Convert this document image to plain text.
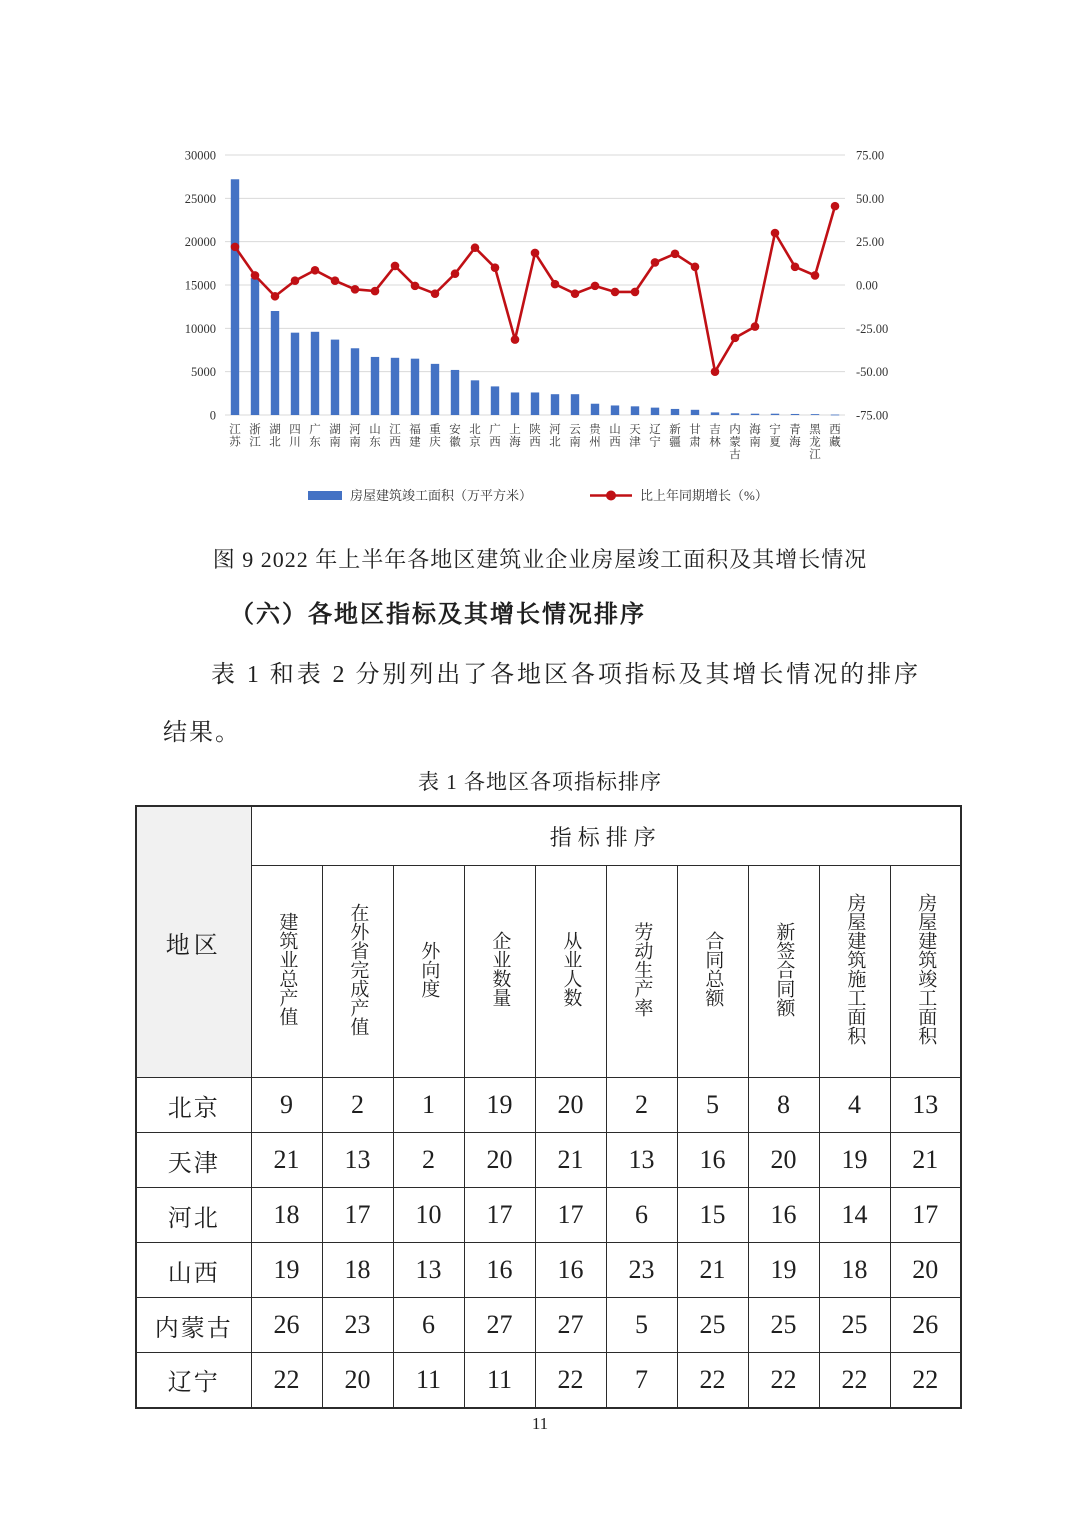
0
5000
10000
15000
20000
25000
30000	75.00
50.00
25.00
0.00
-25.00
-50.00
-75.00
江苏
浙江
湖北
四川
广东
湖南
河南
山东
江西
福建
重庆
安徽
北京
广西
上海
陕西
河北
云南
贵州
山西
天津
辽宁
新疆
甘肃
吉林
内蒙古
海南
宁夏
青海
黑龙江
西藏
房屋建筑竣工面积（万平方米）	比上年同期增长（%）
图 9 2022 年上半年各地区建筑业企业房屋竣工面积及其增长情况
（六）各地区指标及其增长情况排序

表 1 和表 2 分别列出了各地区各项指标及其增长情况的排序结果。

表 1 各地区各项指标排序
地区	指标排序									
	建筑业总产值	在外省完成产值	外向度	企业数量	从业人数	劳动生产率	合同总额	新签合同额	房屋建筑施工面积	房屋建筑竣工面积
北京	9	2	1	19	20	2	5	8	4	13
天津	21	13	2	20	21	13	16	20	19	21
河北	18	17	10	17	17	6	15	16	14	17
山西	19	18	13	16	16	23	21	19	18	20
内蒙古	26	23	6	27	27	5	25	25	25	26
辽宁	22	20	11	11	22	7	22	22	22	22
11
